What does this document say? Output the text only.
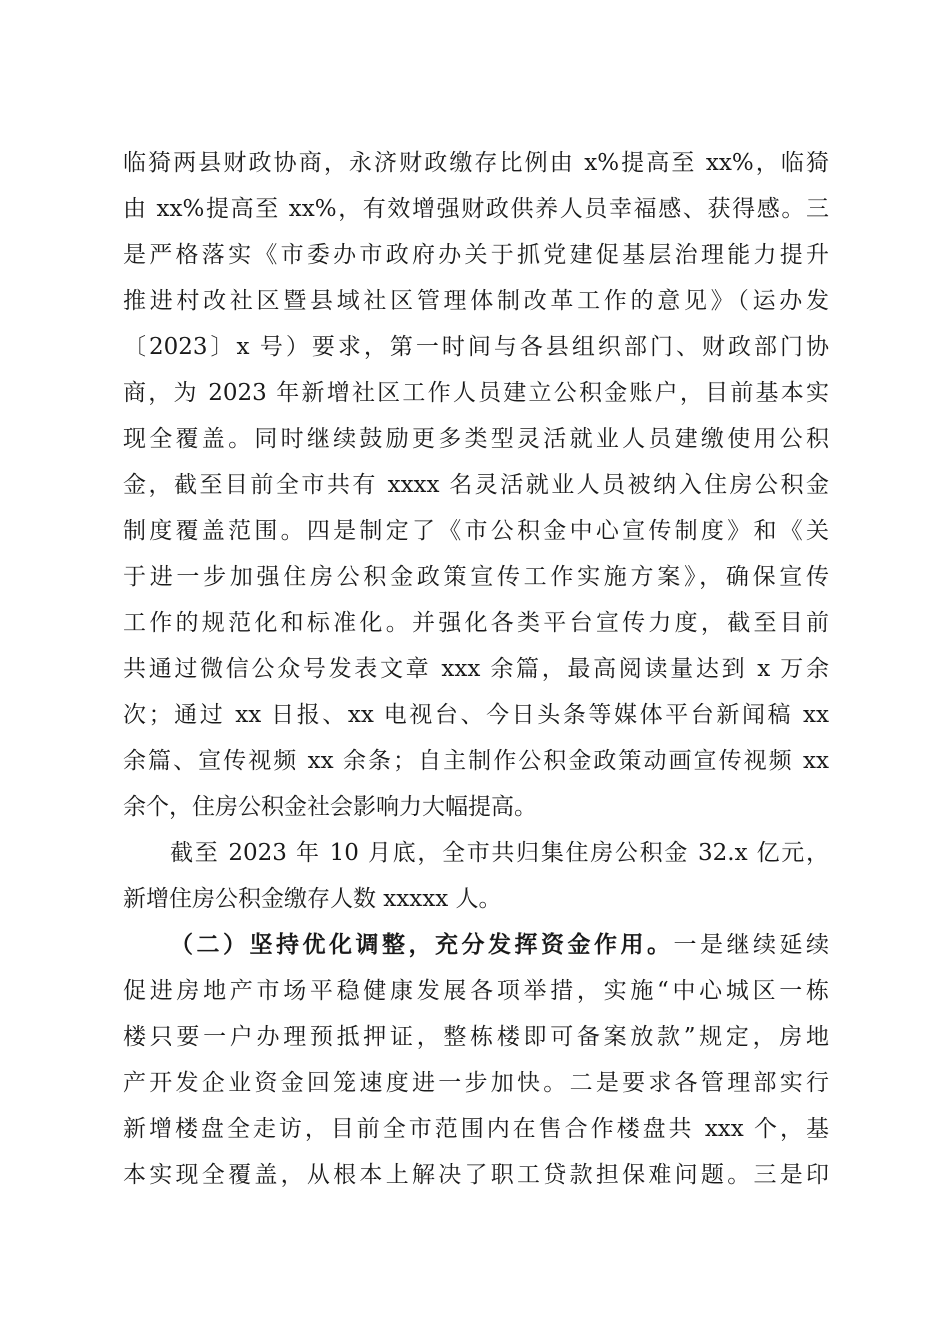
临猗两县财政协商，永济财政缴存比例由 x%提高至 xx%，临猗
由 xx%提高至 xx%，有效增强财政供养人员幸福感、获得感。三
是严格落实《市委办市政府办关于抓党建促基层治理能力提升
推进村改社区暨县域社区管理体制改革工作的意见》（运办发
〔2023〕x 号）要求，第一时间与各县组织部门、财政部门协
商，为 2023 年新增社区工作人员建立公积金账户，目前基本实
现全覆盖。同时继续鼓励更多类型灵活就业人员建缴使用公积
金，截至目前全市共有 xxxx 名灵活就业人员被纳入住房公积金
制度覆盖范围。四是制定了《市公积金中心宣传制度》和《关
于进一步加强住房公积金政策宣传工作实施方案》，确保宣传
工作的规范化和标准化。并强化各类平台宣传力度，截至目前
共通过微信公众号发表文章 xxx 余篇，最高阅读量达到 x 万余
次；通过 xx 日报、xx 电视台、今日头条等媒体平台新闻稿 xx
余篇、宣传视频 xx 余条；自主制作公积金政策动画宣传视频 xx
余个，住房公积金社会影响力大幅提高。
截至 2023 年 10 月底，全市共归集住房公积金 32.x 亿元，
新增住房公积金缴存人数 xxxxx 人。
（二）坚持优化调整，充分发挥资金作用。一是继续延续
促进房地产市场平稳健康发展各项举措，实施“中心城区一栋
楼只要一户办理预抵押证，整栋楼即可备案放款”规定，房地
产开发企业资金回笼速度进一步加快。二是要求各管理部实行
新增楼盘全走访，目前全市范围内在售合作楼盘共 xxx 个，基
本实现全覆盖，从根本上解决了职工贷款担保难问题。三是印
